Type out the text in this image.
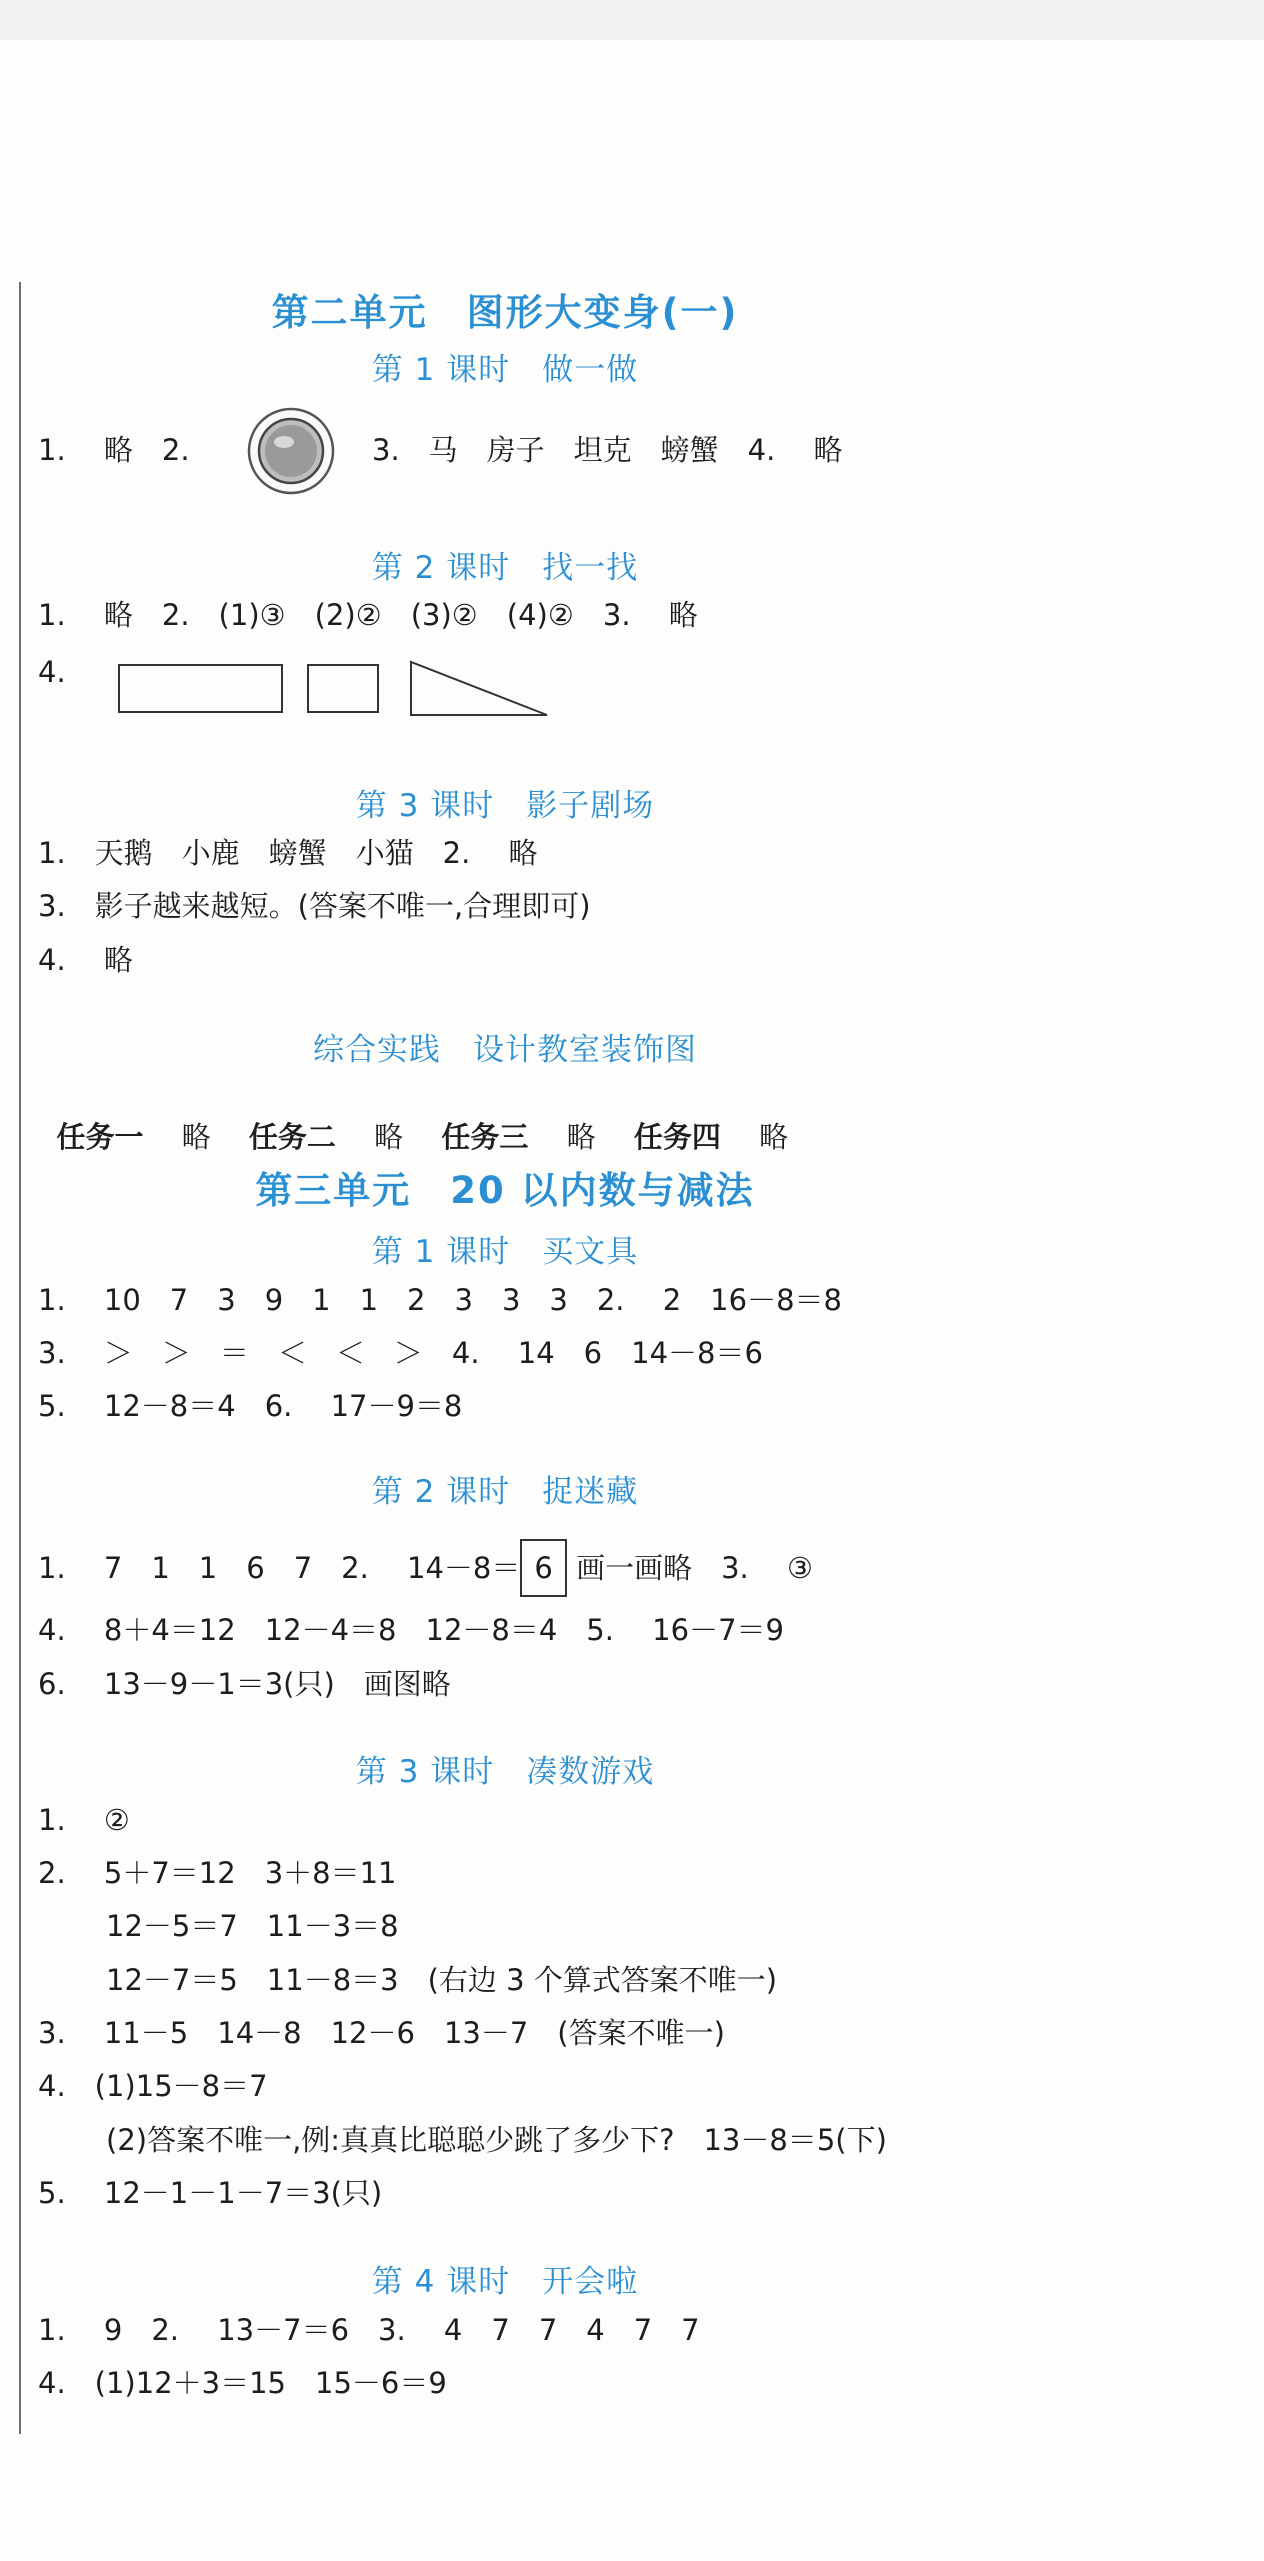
第二单元　图形大变身(一)
第 1 课时　做一做
1.　 略　2.	3.　马　房子　坦克　螃蟹　4.　 略
第 2 课时　找一找
1.　 略　2.　(1)③　(2)②　(3)②　(4)②　3.　 略
4.
第 3 课时　影子剧场
1.　天鹅　小鹿　螃蟹　小猫　2.　 略
3.　影子越来越短。(答案不唯一,合理即可)
4.　 略
综合实践　设计教室装饰图

任务一　 略　 任务二　 略　 任务三　 略　 任务四　 略

第三单元　20 以内数与减法
第 1 课时　买文具
1.　 10　7　3　9　1　1　2　3　3　3　2.　 2　16－8＝8
3.　 ＞　＞　＝　＜　＜　＞　4.　 14　6　14－8＝6
5.　 12－8＝4　6.　 17－9＝8
第 2 课时　捉迷藏
1.　 7　1　1　6　7　2.　 14－8＝ 6 画一画略　3.　 ③
4.　 8＋4＝12　12－4＝8　12－8＝4　5.　 16－7＝9
6.　 13－9－1＝3(只)　画图略
第 3 课时　凑数游戏
1.　 ②
2.　 5＋7＝12　3＋8＝11
12－5＝7　11－3＝8
12－7＝5　11－8＝3　(右边 3 个算式答案不唯一)
3.　 11－5　14－8　12－6　13－7　(答案不唯一)
4.　(1)15－8＝7
(2)答案不唯一,例:真真比聪聪少跳了多少下?　13－8＝5(下)
5.　 12－1－1－7＝3(只)
第 4 课时　开会啦
1.　 9　2.　 13－7＝6　3.　 4　7　7　4　7　7
4.　(1)12＋3＝15　15－6＝9
